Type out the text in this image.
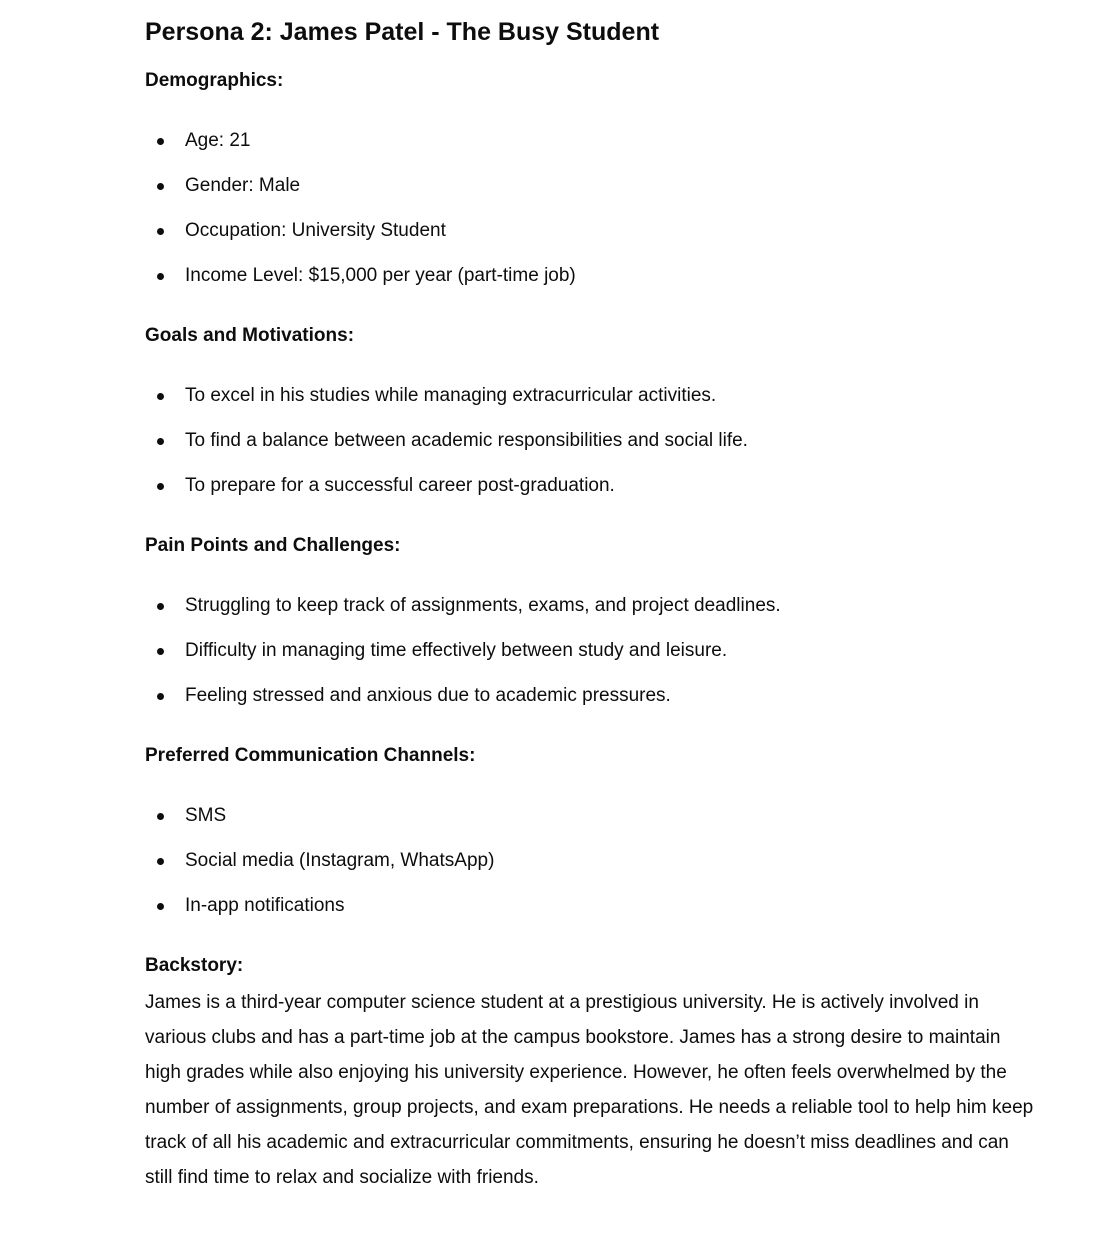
Persona 2: James Patel - The Busy Student
Demographics:
Age: 21
Gender: Male
Occupation: University Student
Income Level: $15,000 per year (part-time job)
Goals and Motivations:
To excel in his studies while managing extracurricular activities.
To find a balance between academic responsibilities and social life.
To prepare for a successful career post-graduation.
Pain Points and Challenges:
Struggling to keep track of assignments, exams, and project deadlines.
Difficulty in managing time effectively between study and leisure.
Feeling stressed and anxious due to academic pressures.
Preferred Communication Channels:
SMS
Social media (Instagram, WhatsApp)
In-app notifications
Backstory:

James is a third-year computer science student at a prestigious university. He is actively involved in various clubs and has a part-time job at the campus bookstore. James has a strong desire to maintain high grades while also enjoying his university experience. However, he often feels overwhelmed by the number of assignments, group projects, and exam preparations. He needs a reliable tool to help him keep track of all his academic and extracurricular commitments, ensuring he doesn’t miss deadlines and can still find time to relax and socialize with friends.
